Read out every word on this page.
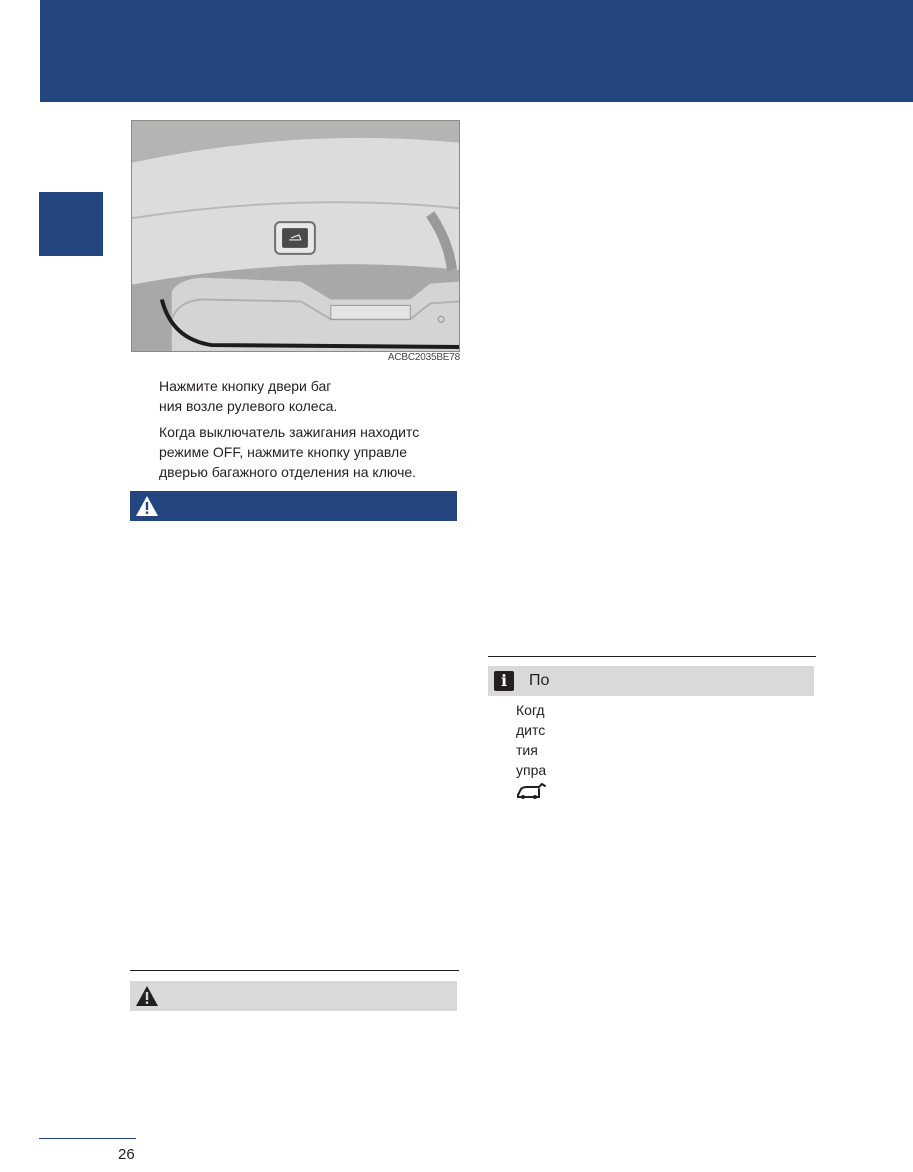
ACBC2035BE78
Нажмите кнопку двери баг
ния возле рулевого колеса.
Когда выключатель зажигания находитс
режиме OFF, нажмите кнопку управле
дверью багажного отделения на ключе.
i	По
Когд
дитс
тия
упра
26
